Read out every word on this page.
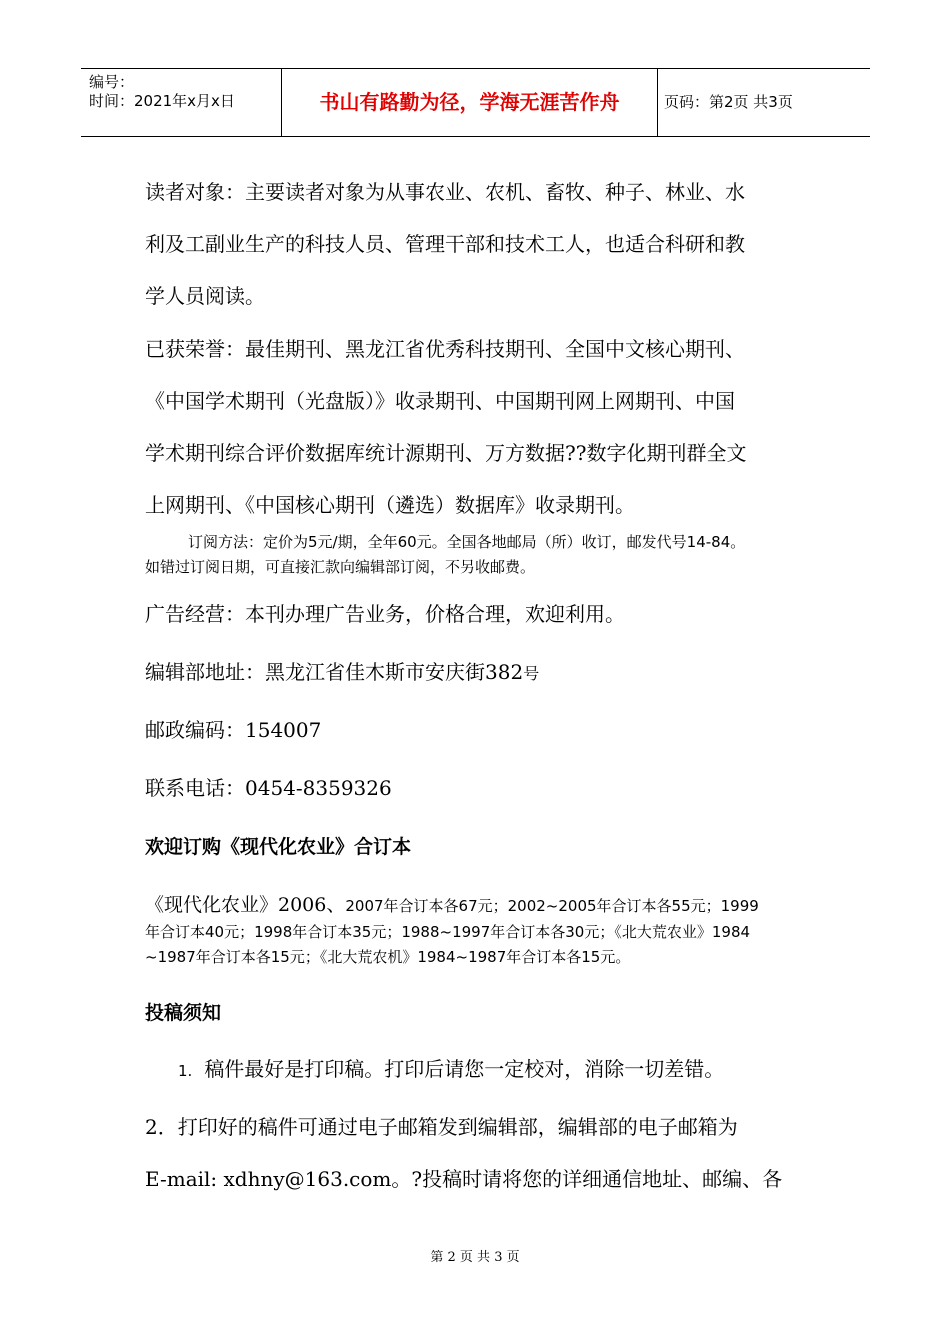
编号：
时间：2021年x月x日	书山有路勤为径，学海无涯苦作舟	页码：第2页 共3页
读者对象：主要读者对象为从事农业、农机、畜牧、种子、林业、水
利及工副业生产的科技人员、管理干部和技术工人，也适合科研和教
学人员阅读。
已获荣誉：最佳期刊、黑龙江省优秀科技期刊、全国中文核心期刊、
《中国学术期刊（光盘版）》收录期刊、中国期刊网上网期刊、中国
学术期刊综合评价数据库统计源期刊、万方数据??数字化期刊群全文
上网期刊、《中国核心期刊（遴选）数据库》收录期刊。
订阅方法：定价为5元/期，全年60元。全国各地邮局（所）收订，邮发代号14-84。
如错过订阅日期，可直接汇款向编辑部订阅，不另收邮费。
广告经营：本刊办理广告业务，价格合理，欢迎利用。
编辑部地址：黑龙江省佳木斯市安庆街382号
邮政编码：154007
联系电话：0454-8359326
欢迎订购《现代化农业》合订本
《现代化农业》2006、2007年合订本各67元；2002~2005年合订本各55元；1999
年合订本40元；1998年合订本35元；1988~1997年合订本各30元；《北大荒农业》1984
~1987年合订本各15元；《北大荒农机》1984~1987年合订本各15元。
投稿须知
1. 稿件最好是打印稿。打印后请您一定校对，消除一切差错。
2．打印好的稿件可通过电子邮箱发到编辑部，编辑部的电子邮箱为
E-mail: xdhny@163.com。?投稿时请将您的详细通信地址、邮编、各
第 2 页 共 3 页
